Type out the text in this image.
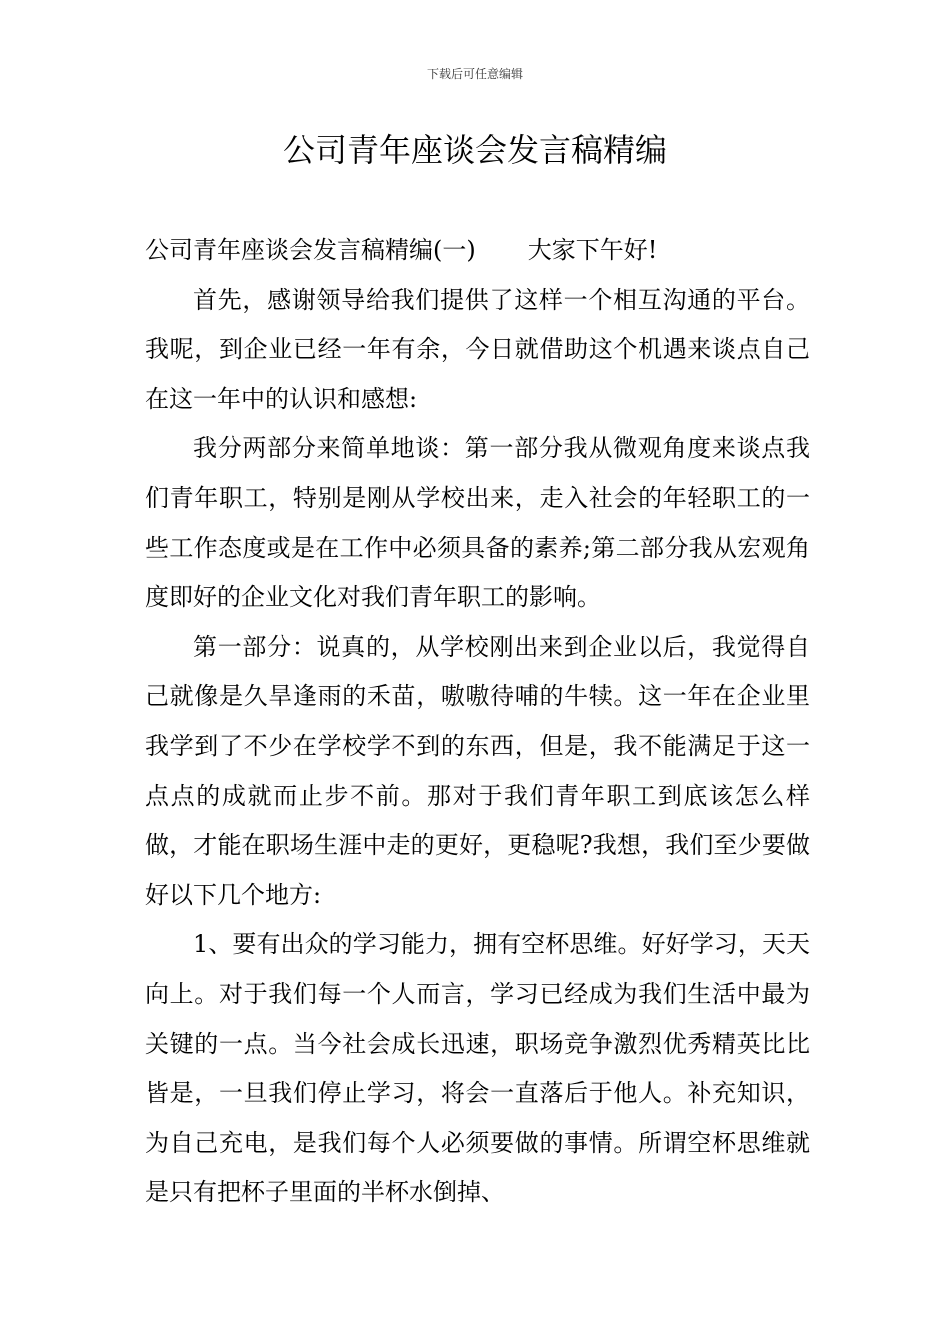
下载后可任意编辑
公司青年座谈会发言稿精编

公司青年座谈会发言稿精编(一) 大家下午好!

首先，感谢领导给我们提供了这样一个相互沟通的平台。我呢，到企业已经一年有余，今日就借助这个机遇来谈点自己在这一年中的认识和感想:

我分两部分来简单地谈：第一部分我从微观角度来谈点我们青年职工，特别是刚从学校出来，走入社会的年轻职工的一些工作态度或是在工作中必须具备的素养;第二部分我从宏观角度即好的企业文化对我们青年职工的影响。

第一部分：说真的，从学校刚出来到企业以后，我觉得自己就像是久旱逢雨的禾苗，嗷嗷待哺的牛犊。这一年在企业里我学到了不少在学校学不到的东西，但是，我不能满足于这一点点的成就而止步不前。那对于我们青年职工到底该怎么样做，才能在职场生涯中走的更好，更稳呢?我想，我们至少要做好以下几个地方:

1、要有出众的学习能力，拥有空杯思维。好好学习，天天向上。对于我们每一个人而言，学习已经成为我们生活中最为关键的一点。当今社会成长迅速，职场竞争激烈优秀精英比比皆是，一旦我们停止学习，将会一直落后于他人。补充知识，为自己充电，是我们每个人必须要做的事情。所谓空杯思维就是只有把杯子里面的半杯水倒掉、
